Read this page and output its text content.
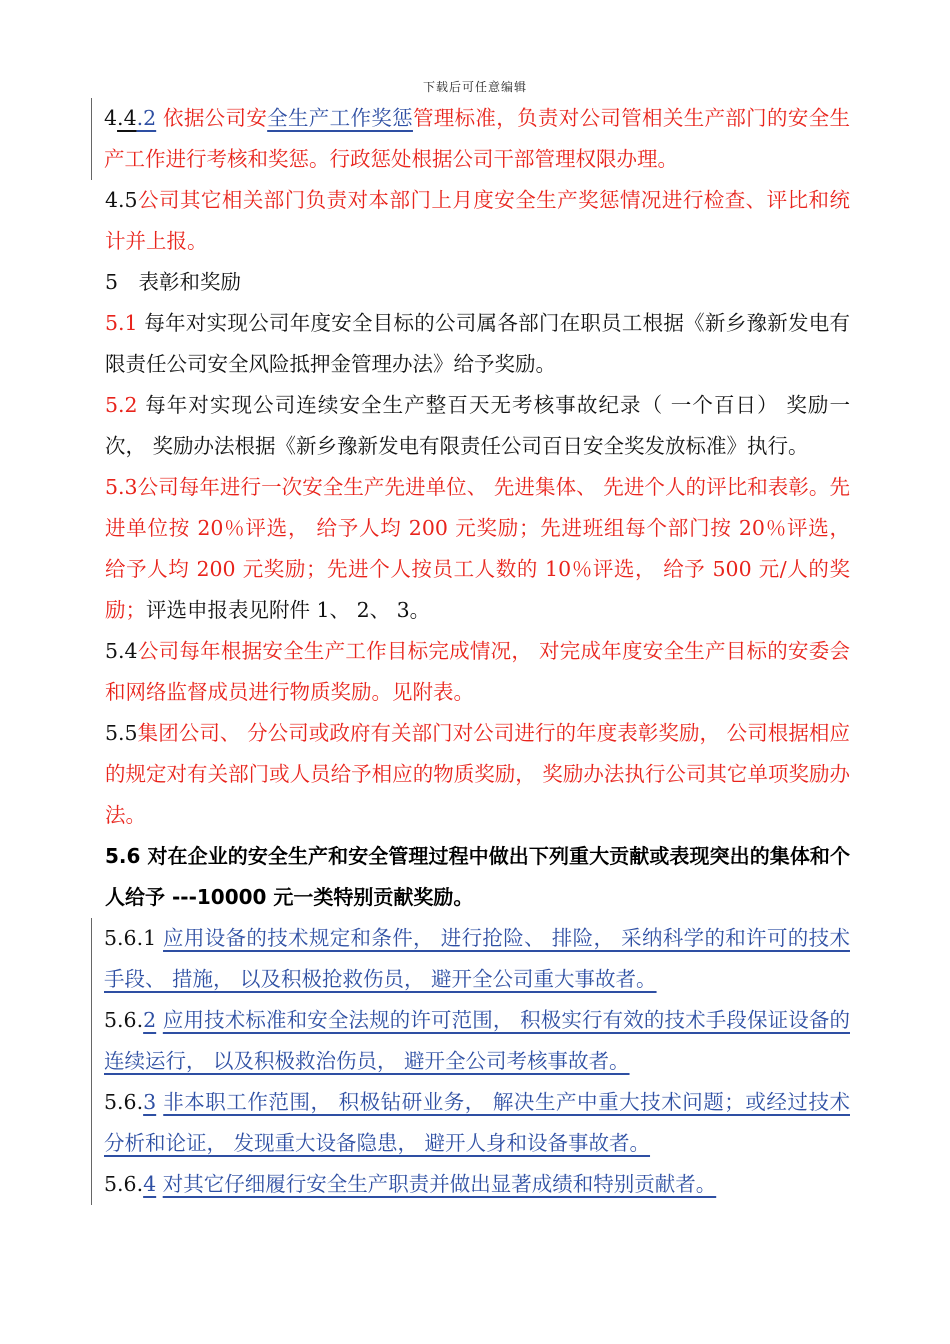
下载后可任意编辑

4.4.2 依据公司安全生产工作奖惩管理标准，负责对公司管相关生产部门的安全生产工作进行考核和奖惩。行政惩处根据公司干部管理权限办理。

4.5公司其它相关部门负责对本部门上月度安全生产奖惩情况进行检查、评比和统计并上报。

5　表彰和奖励

5.1 每年对实现公司年度安全目标的公司属各部门在职员工根据《新乡豫新发电有限责任公司安全风险抵押金管理办法》给予奖励。

5.2 每年对实现公司连续安全生产整百天无考核事故纪录（ 一个百日） 奖励一次， 奖励办法根据《新乡豫新发电有限责任公司百日安全奖发放标准》执行。

5.3公司每年进行一次安全生产先进单位、 先进集体、 先进个人的评比和表彰。先进单位按 20％评选， 给予人均 200 元奖励；先进班组每个部门按 20％评选， 给予人均 200 元奖励；先进个人按员工人数的 10％评选， 给予 500 元/人的奖励；评选申报表见附件 1、 2、 3。

5.4公司每年根据安全生产工作目标完成情况， 对完成年度安全生产目标的安委会和网络监督成员进行物质奖励。见附表。

5.5集团公司、 分公司或政府有关部门对公司进行的年度表彰奖励， 公司根据相应的规定对有关部门或人员给予相应的物质奖励， 奖励办法执行公司其它单项奖励办法。

5.6 对在企业的安全生产和安全管理过程中做出下列重大贡献或表现突出的集体和个人给予 ---10000 元一类特别贡献奖励。

5.6.1 应用设备的技术规定和条件， 进行抢险、 排险， 采纳科学的和许可的技术手段、 措施， 以及积极抢救伤员， 避开全公司重大事故者。

5.6.2 应用技术标准和安全法规的许可范围， 积极实行有效的技术手段保证设备的连续运行， 以及积极救治伤员， 避开全公司考核事故者。

5.6.3 非本职工作范围， 积极钻研业务， 解决生产中重大技术问题；或经过技术分析和论证， 发现重大设备隐患， 避开人身和设备事故者。

5.6.4 对其它仔细履行安全生产职责并做出显著成绩和特别贡献者。
